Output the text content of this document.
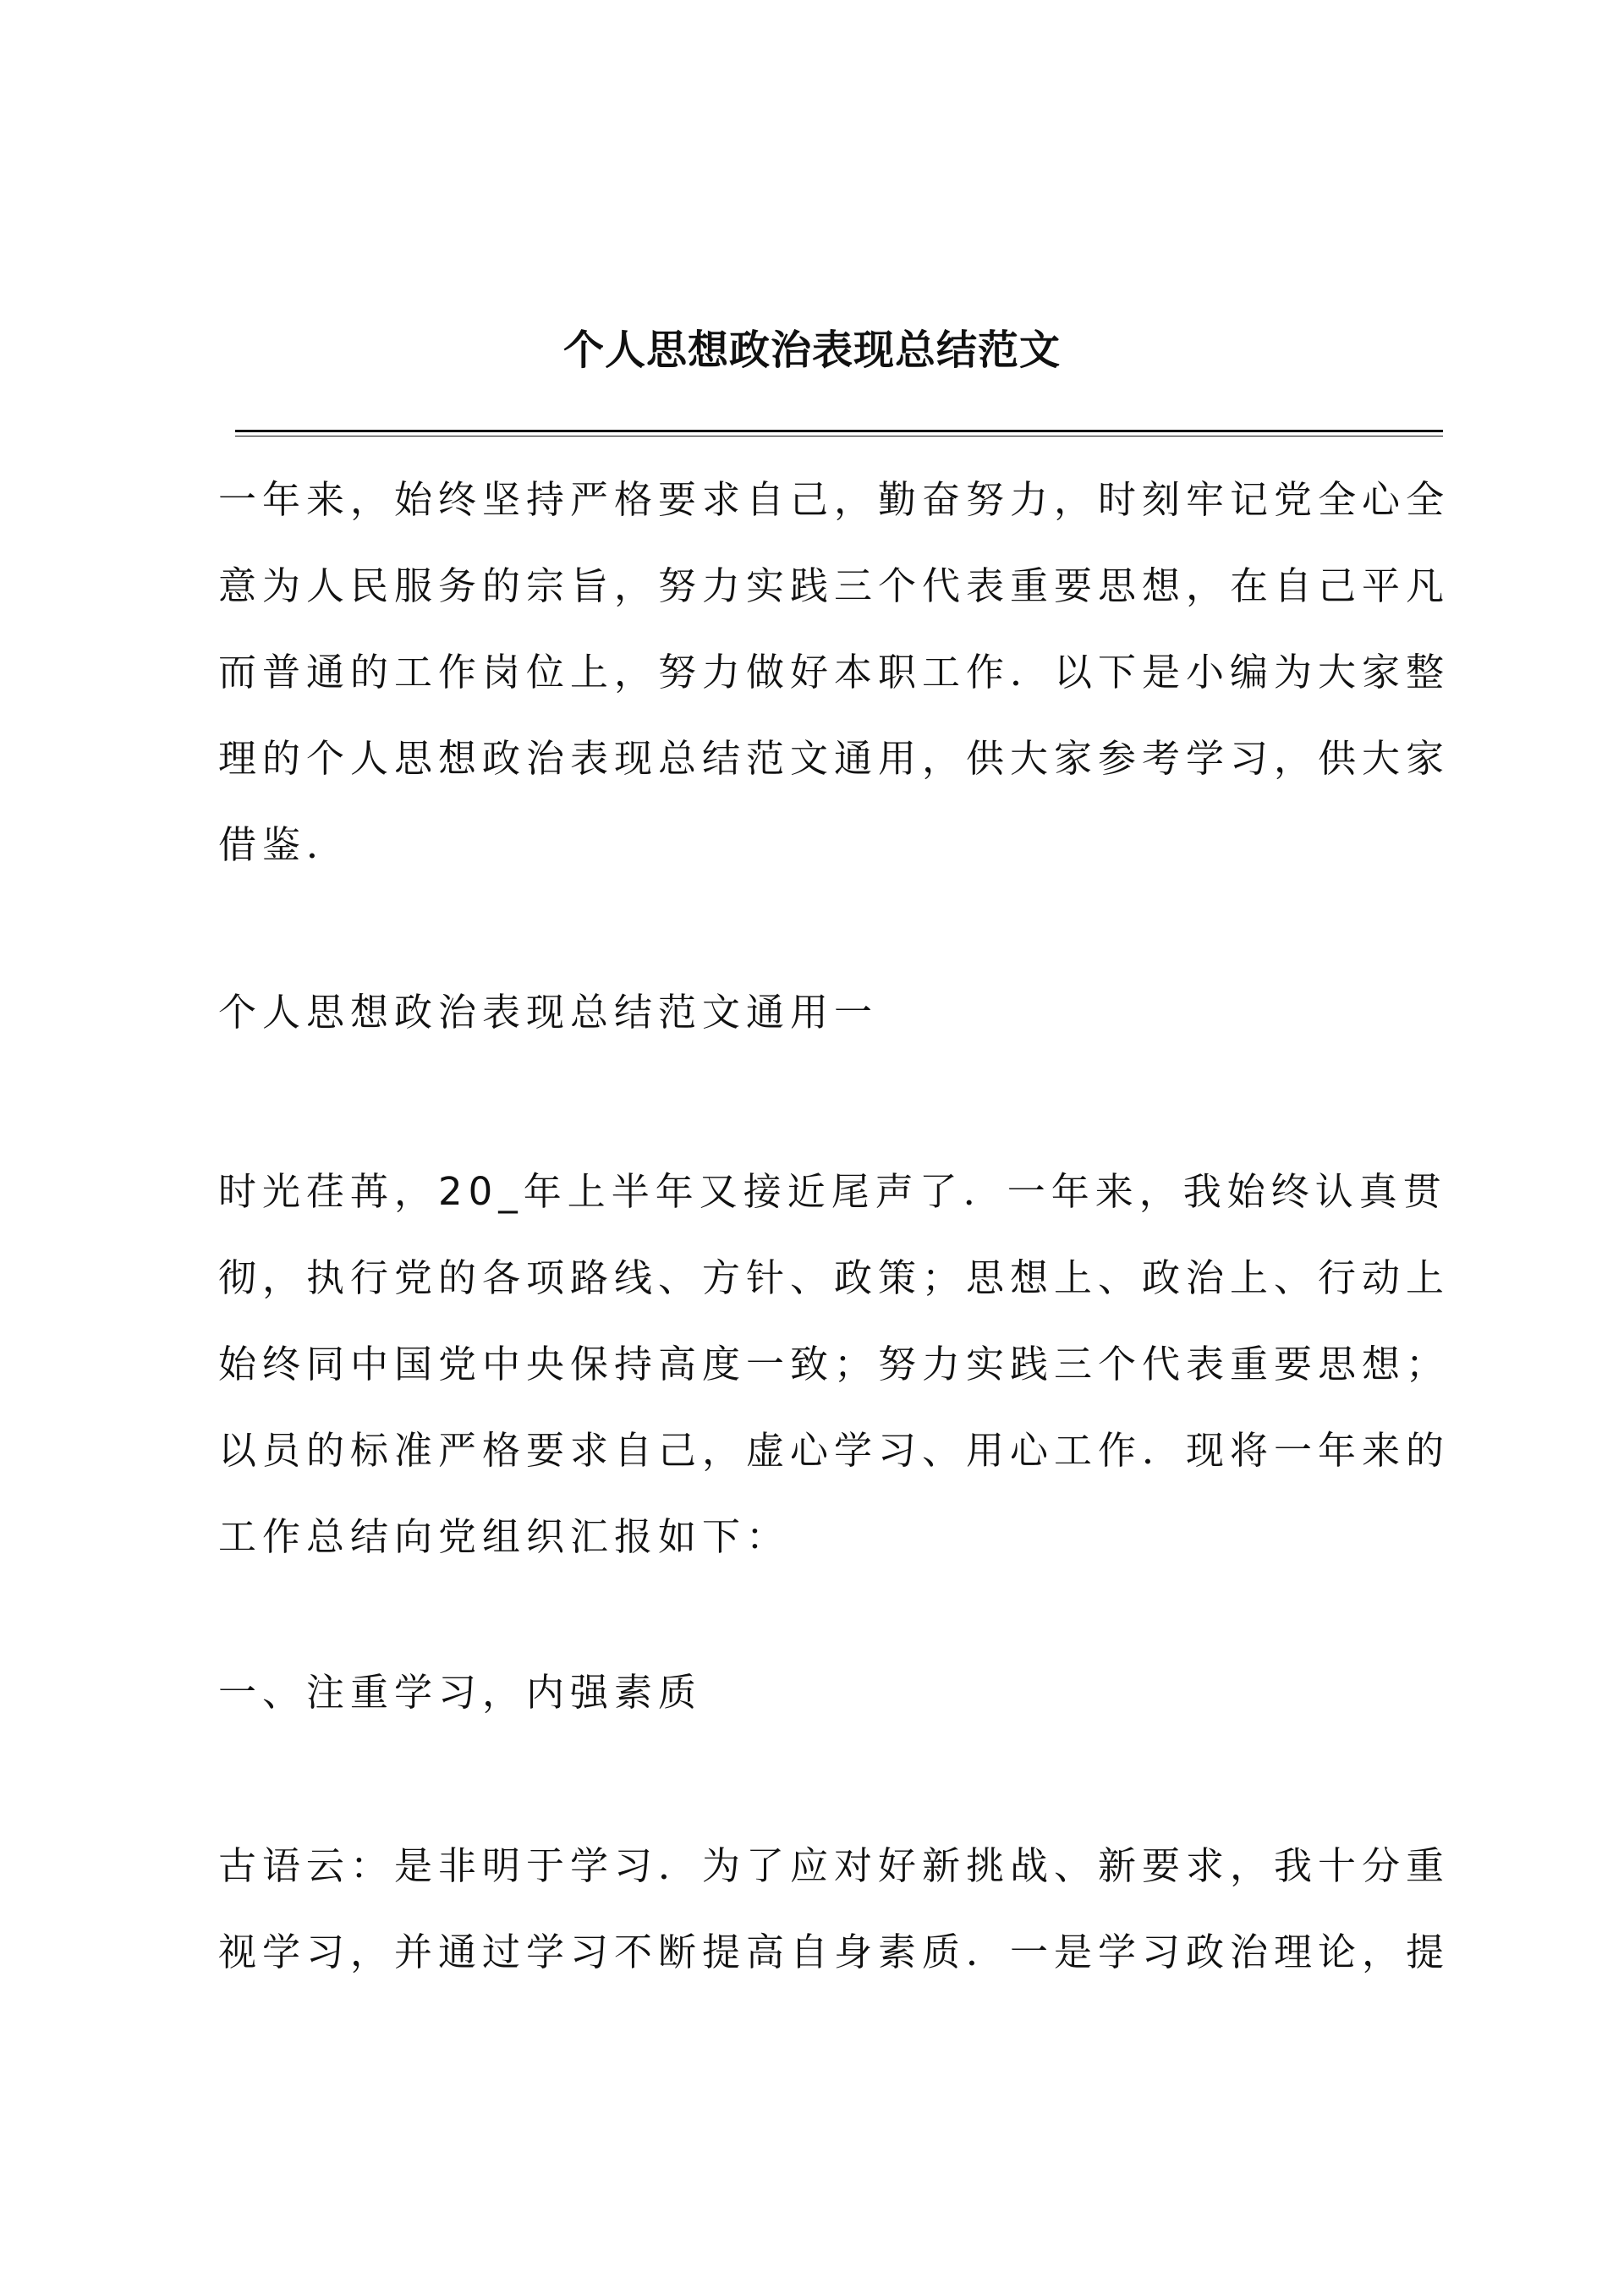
个人思想政治表现总结范文
一年来，始终坚持严格要求自己，勤奋努力，时刻牢记党全心全
意为人民服务的宗旨，努力实践三个代表重要思想，在自己平凡
而普通的工作岗位上，努力做好本职工作．以下是小编为大家整
理的个人思想政治表现总结范文通用，供大家参考学习，供大家
借鉴．
个人思想政治表现总结范文通用一
时光荏苒，20_年上半年又接近尾声了．一年来，我始终认真贯
彻，执行党的各项路线、方针、政策；思想上、政治上、行动上
始终同中国党中央保持高度一致；努力实践三个代表重要思想；
以员的标准严格要求自己，虚心学习、用心工作．现将一年来的
工作总结向党组织汇报如下：
一、注重学习，内强素质
古语云：是非明于学习．为了应对好新挑战、新要求，我十分重
视学习，并通过学习不断提高自身素质．一是学习政治理论，提
